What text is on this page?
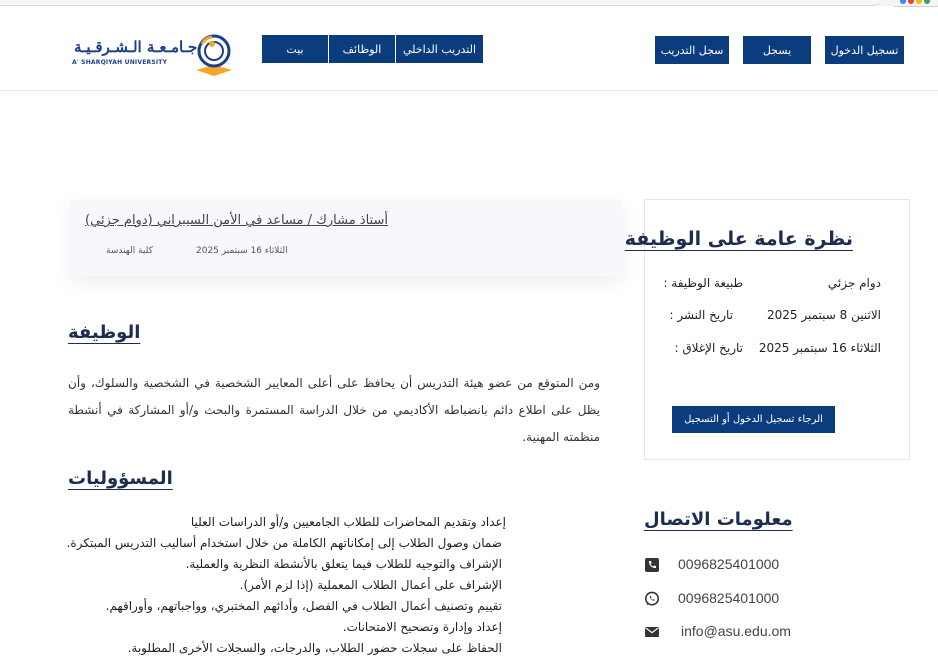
جـامـعـة الـشـرقـيـة
A' SHARQIYAH UNIVERSITY
بيت	الوظائف	التدريب الداخلي	تسجيل الدخول
يسجل
سجل التدريب
أستاذ مشارك / مساعد في الأمن السيبراني (دوام جزئي)
الثلاثاء 16 سبتمبر 2025
كلية الهندسة
الوظيفة
ومن المتوقع من عضو هيئة التدريس أن يحافظ على أعلى المعايير الشخصية في الشخصية والسلوك، وأن يظل على اطلاع دائم بانضباطه الأكاديمي من خلال الدراسة المستمرة والبحث و/أو المشاركة في أنشطة منظمته المهنية.
المسؤوليات
إعداد وتقديم المحاضرات للطلاب الجامعيين و/أو الدراسات العليا
ضمان وصول الطلاب إلى إمكاناتهم الكاملة من خلال استخدام أساليب التدريس المبتكرة.
الإشراف والتوجيه للطلاب فيما يتعلق بالأنشطة النظرية والعملية.
الإشراف على أعمال الطلاب المعملية (إذا لزم الأمر).
تقييم وتصنيف أعمال الطلاب في الفصل، وأدائهم المختبري، وواجباتهم، وأوراقهم.
إعداد وإدارة وتصحيح الامتحانات.
الحفاظ على سجلات حضور الطلاب، والدرجات، والسجلات الأخرى المطلوبة.
نظرة عامة على الوظيفة
طبيعة الوظيفة :	دوام جزئي
تاريخ النشر :	الاثنين 8 سبتمبر 2025
تاريخ الإغلاق : الثلاثاء 16 سبتمبر 2025
الرجاء تسجيل الدخول أو التسجيل
معلومات الاتصال
0096825401000
0096825401000
info@asu.edu.om
